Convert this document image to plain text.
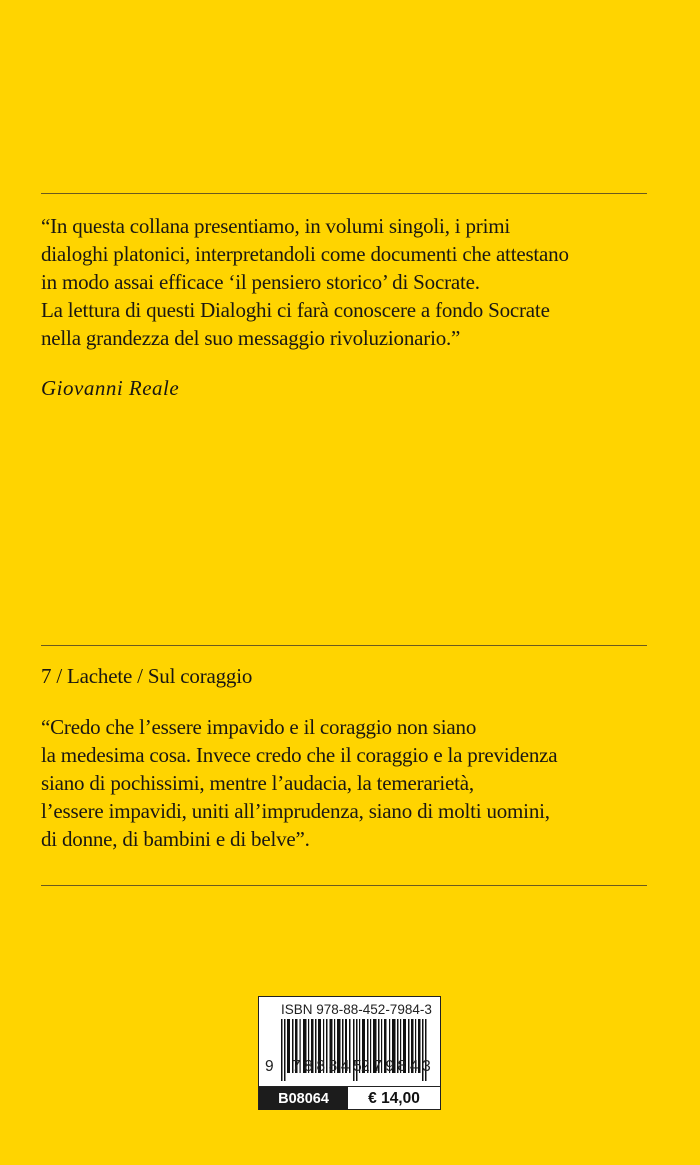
“In questa collana presentiamo, in volumi singoli, i primi
dialoghi platonici, interpretandoli come documenti che attestano
in modo assai efficace ‘il pensiero storico’ di Socrate.
La lettura di questi Dialoghi ci farà conoscere a fondo Socrate
nella grandezza del suo messaggio rivoluzionario.”
Giovanni Reale
7 / Lachete / Sul coraggio
“Credo che l’essere impavido e il coraggio non siano
la medesima cosa. Invece credo che il coraggio e la previdenza
siano di pochissimi, mentre l’audacia, la temerarietà,
l’essere impavidi, uniti all’imprudenza, siano di molti uomini,
di donne, di bambini e di belve”.
ISBN 978-88-452-7984-3
9 788845
279843
B08064	€ 14,00
